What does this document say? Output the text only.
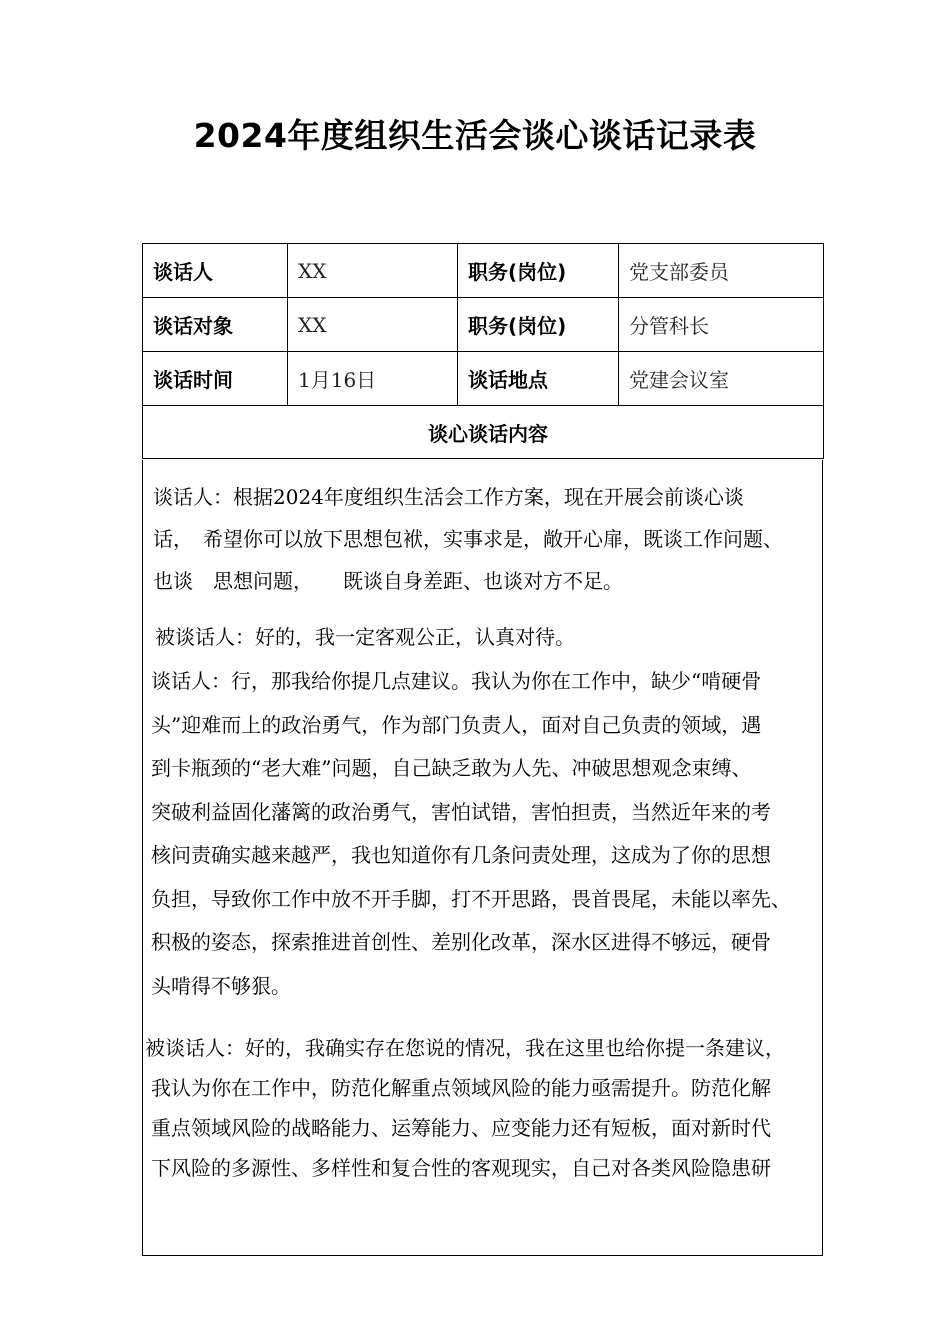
2024年度组织生活会谈心谈话记录表
谈话人	XX	职务(岗位)	党支部委员
谈话对象	XX	职务(岗位)	分管科长
谈话时间	1月16日	谈话地点	党建会议室
谈心谈话内容			
谈话人：根据2024年度组织生活会工作方案，现在开展会前谈心谈
话，　希望你可以放下思想包袱，实事求是，敞开心扉，既谈工作问题、
也谈　思想问题，　　既谈自身差距、也谈对方不足。
被谈话人：好的，我一定客观公正，认真对待。
谈话人：行，那我给你提几点建议。我认为你在工作中，缺少“啃硬骨
头”迎难而上的政治勇气，作为部门负责人，面对自己负责的领域，遇
到卡瓶颈的“老大难”问题，自己缺乏敢为人先、冲破思想观念束缚、
突破利益固化藩篱的政治勇气，害怕试错，害怕担责，当然近年来的考
核问责确实越来越严，我也知道你有几条问责处理，这成为了你的思想
负担，导致你工作中放不开手脚，打不开思路，畏首畏尾，未能以率先、
积极的姿态，探索推进首创性、差别化改革，深水区进得不够远，硬骨
头啃得不够狠。
被谈话人：好的，我确实存在您说的情况，我在这里也给你提一条建议，
我认为你在工作中，防范化解重点领域风险的能力亟需提升。防范化解
重点领域风险的战略能力、运筹能力、应变能力还有短板，面对新时代
下风险的多源性、多样性和复合性的客观现实，自己对各类风险隐患研
